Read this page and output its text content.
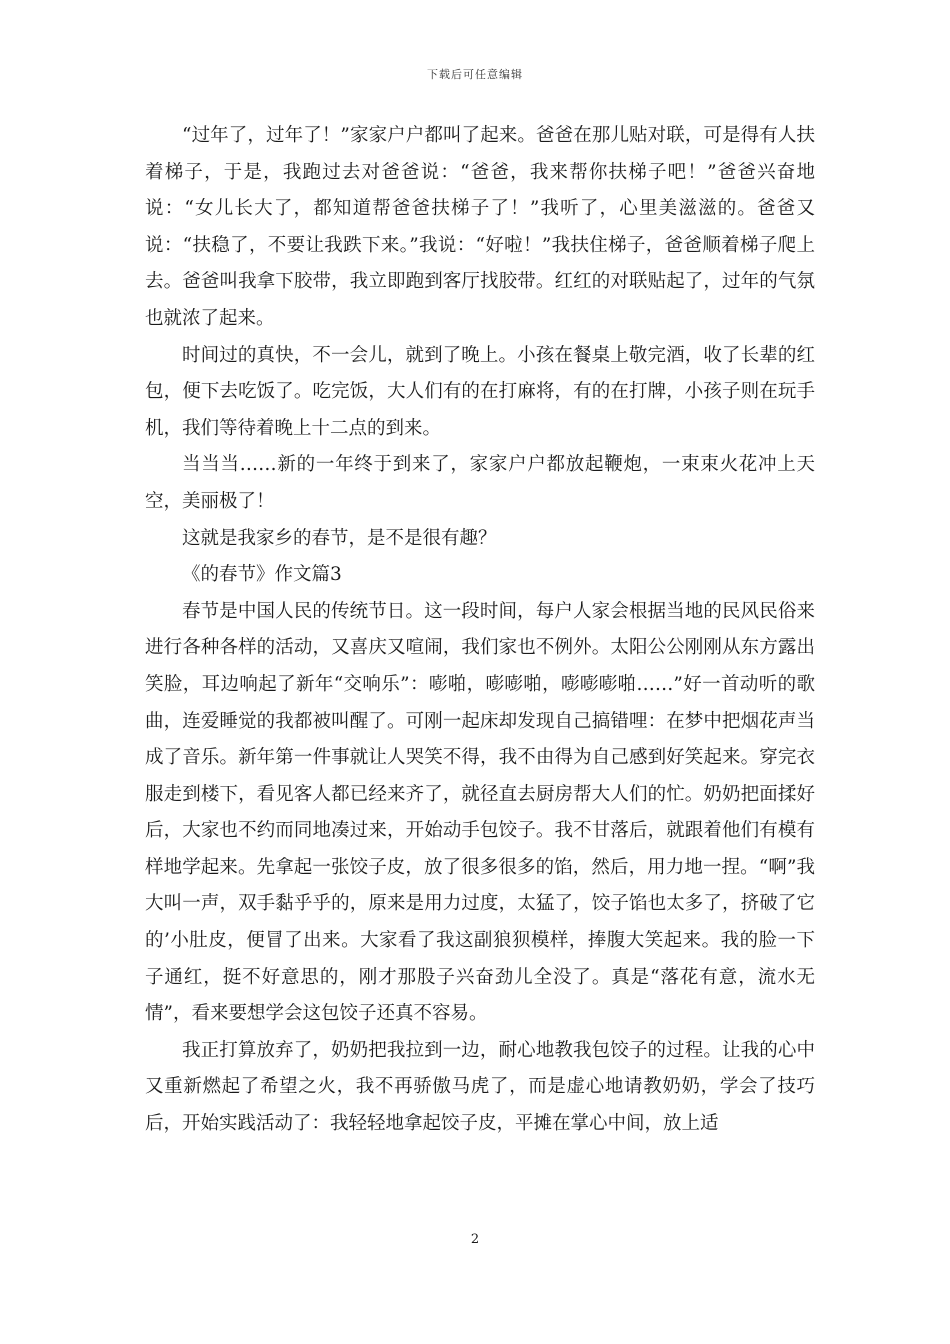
下载后可任意编辑

“过年了，过年了！”家家户户都叫了起来。爸爸在那儿贴对联，可是得有人扶着梯子，于是，我跑过去对爸爸说：“爸爸，我来帮你扶梯子吧！”爸爸兴奋地说：“女儿长大了，都知道帮爸爸扶梯子了！”我听了，心里美滋滋的。爸爸又说：“扶稳了，不要让我跌下来。”我说：“好啦！”我扶住梯子，爸爸顺着梯子爬上去。爸爸叫我拿下胶带，我立即跑到客厅找胶带。红红的对联贴起了，过年的气氛也就浓了起来。

时间过的真快，不一会儿，就到了晚上。小孩在餐桌上敬完酒，收了长辈的红包，便下去吃饭了。吃完饭，大人们有的在打麻将，有的在打牌，小孩子则在玩手机，我们等待着晚上十二点的到来。

当当当……新的一年终于到来了，家家户户都放起鞭炮，一束束火花冲上天空，美丽极了！

这就是我家乡的春节，是不是很有趣？

《的春节》作文篇3

春节是中国人民的传统节日。这一段时间，每户人家会根据当地的民风民俗来进行各种各样的活动，又喜庆又喧闹，我们家也不例外。太阳公公刚刚从东方露出笑脸，耳边响起了新年“交响乐”：嘭啪，嘭嘭啪，嘭嘭嘭啪……”好一首动听的歌曲，连爱睡觉的我都被叫醒了。可刚一起床却发现自己搞错哩：在梦中把烟花声当成了音乐。新年第一件事就让人哭笑不得，我不由得为自己感到好笑起来。穿完衣服走到楼下，看见客人都已经来齐了，就径直去厨房帮大人们的忙。奶奶把面揉好后，大家也不约而同地凑过来，开始动手包饺子。我不甘落后，就跟着他们有模有样地学起来。先拿起一张饺子皮，放了很多很多的馅，然后，用力地一捏。“啊”我大叫一声，双手黏乎乎的，原来是用力过度，太猛了，饺子馅也太多了，挤破了它的’小肚皮，便冒了出来。大家看了我这副狼狈模样，捧腹大笑起来。我的脸一下子通红，挺不好意思的，刚才那股子兴奋劲儿全没了。真是“落花有意，流水无情”，看来要想学会这包饺子还真不容易。

我正打算放弃了，奶奶把我拉到一边，耐心地教我包饺子的过程。让我的心中又重新燃起了希望之火，我不再骄傲马虎了，而是虚心地请教奶奶，学会了技巧后，开始实践活动了：我轻轻地拿起饺子皮，平摊在掌心中间，放上适

2
